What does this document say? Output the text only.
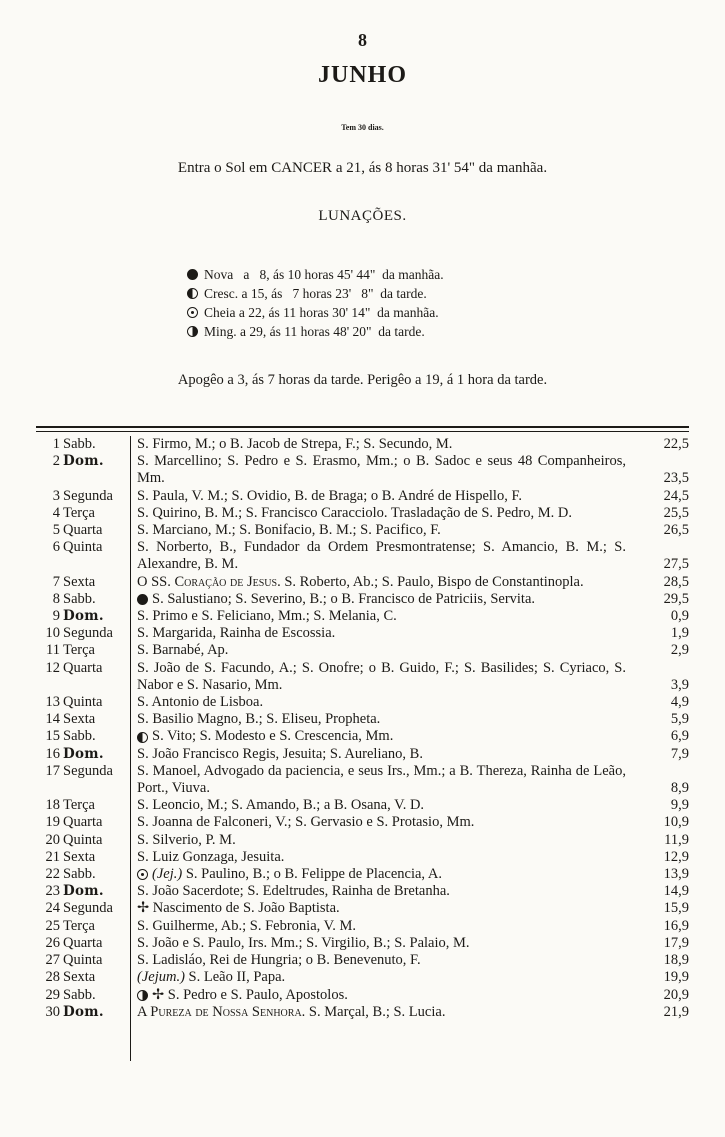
8
JUNHO
Tem 30 dias.
Entra o Sol em CANCER a 21, ás 8 horas 31' 54" da manhãa.
LUNAÇÕES.
Nova   a   8, ás 10 horas 45' 44"  da manhãa.
Cresc. a 15, ás   7 horas 23'   8"  da tarde.
Cheia a 22, ás 11 horas 30' 14"  da manhãa.
Ming. a 29, ás 11 horas 48' 20"  da tarde.
Apogêo a 3, ás 7 horas da tarde. Perigêo a 19, á 1 hora da tarde.
1 Sabb.	S. Firmo, M.; o B. Jacob de Strepa, F.; S. Secundo, M.	22,5
2 Dom.	S. Marcellino; S. Pedro e S. Erasmo, Mm.; o B. Sadoc e seus 48 Companheiros, Mm.	23,5
3 Segunda	S. Paula, V. M.; S. Ovidio, B. de Braga; o B. André de Hispello, F.	24,5
4 Terça	S. Quirino, B. M.; S. Francisco Caracciolo. Trasladação de S. Pedro, M. D.	25,5
5 Quarta	S. Marciano, M.; S. Bonifacio, B. M.; S. Pacifico, F.	26,5
6 Quinta	S. Norberto, B., Fundador da Ordem Presmontratense; S. Amancio, B. M.; S. Alexandre, B. M.	27,5
7 Sexta	O SS. Coração de Jesus. S. Roberto, Ab.; S. Paulo, Bispo de Constantinopla.	28,5
8 Sabb.	S. Salustiano; S. Severino, B.; o B. Francisco de Patriciis, Servita.	29,5
9 Dom.	S. Primo e S. Feliciano, Mm.; S. Melania, C.	0,9
10 Segunda	S. Margarida, Rainha de Escossia.	1,9
11 Terça	S. Barnabé, Ap.	2,9
12 Quarta	S. João de S. Facundo, A.; S. Onofre; o B. Guido, F.; S. Basilides; S. Cyriaco, S. Nabor e S. Nasario, Mm.	3,9
13 Quinta	S. Antonio de Lisboa.	4,9
14 Sexta	S. Basilio Magno, B.; S. Eliseu, Propheta.	5,9
15 Sabb.	S. Vito; S. Modesto e S. Crescencia, Mm.	6,9
16 Dom.	S. João Francisco Regis, Jesuita; S. Aureliano, B.	7,9
17 Segunda	S. Manoel, Advogado da paciencia, e seus Irs., Mm.; a B. Thereza, Rainha de Leão, Port., Viuva.	8,9
18 Terça	S. Leoncio, M.; S. Amando, B.; a B. Osana, V. D.	9,9
19 Quarta	S. Joanna de Falconeri, V.; S. Gervasio e S. Protasio, Mm.	10,9
20 Quinta	S. Silverio, P. M.	11,9
21 Sexta	S. Luiz Gonzaga, Jesuita.	12,9
22 Sabb.	(Jej.) S. Paulino, B.; o B. Felippe de Placencia, A.	13,9
23 Dom.	S. João Sacerdote; S. Edeltrudes, Rainha de Bretanha.	14,9
24 Segunda	✢ Nascimento de S. João Baptista.	15,9
25 Terça	S. Guilherme, Ab.; S. Febronia, V. M.	16,9
26 Quarta	S. João e S. Paulo, Irs. Mm.; S. Virgilio, B.; S. Palaio, M.	17,9
27 Quinta	S. Ladisláo, Rei de Hungria; o B. Benevenuto, F.	18,9
28 Sexta	(Jejum.) S. Leão II, Papa.	19,9
29 Sabb.	✢ S. Pedro e S. Paulo, Apostolos.	20,9
30 Dom.	A Pureza de Nossa Senhora. S. Marçal, B.; S. Lucia.	21,9
